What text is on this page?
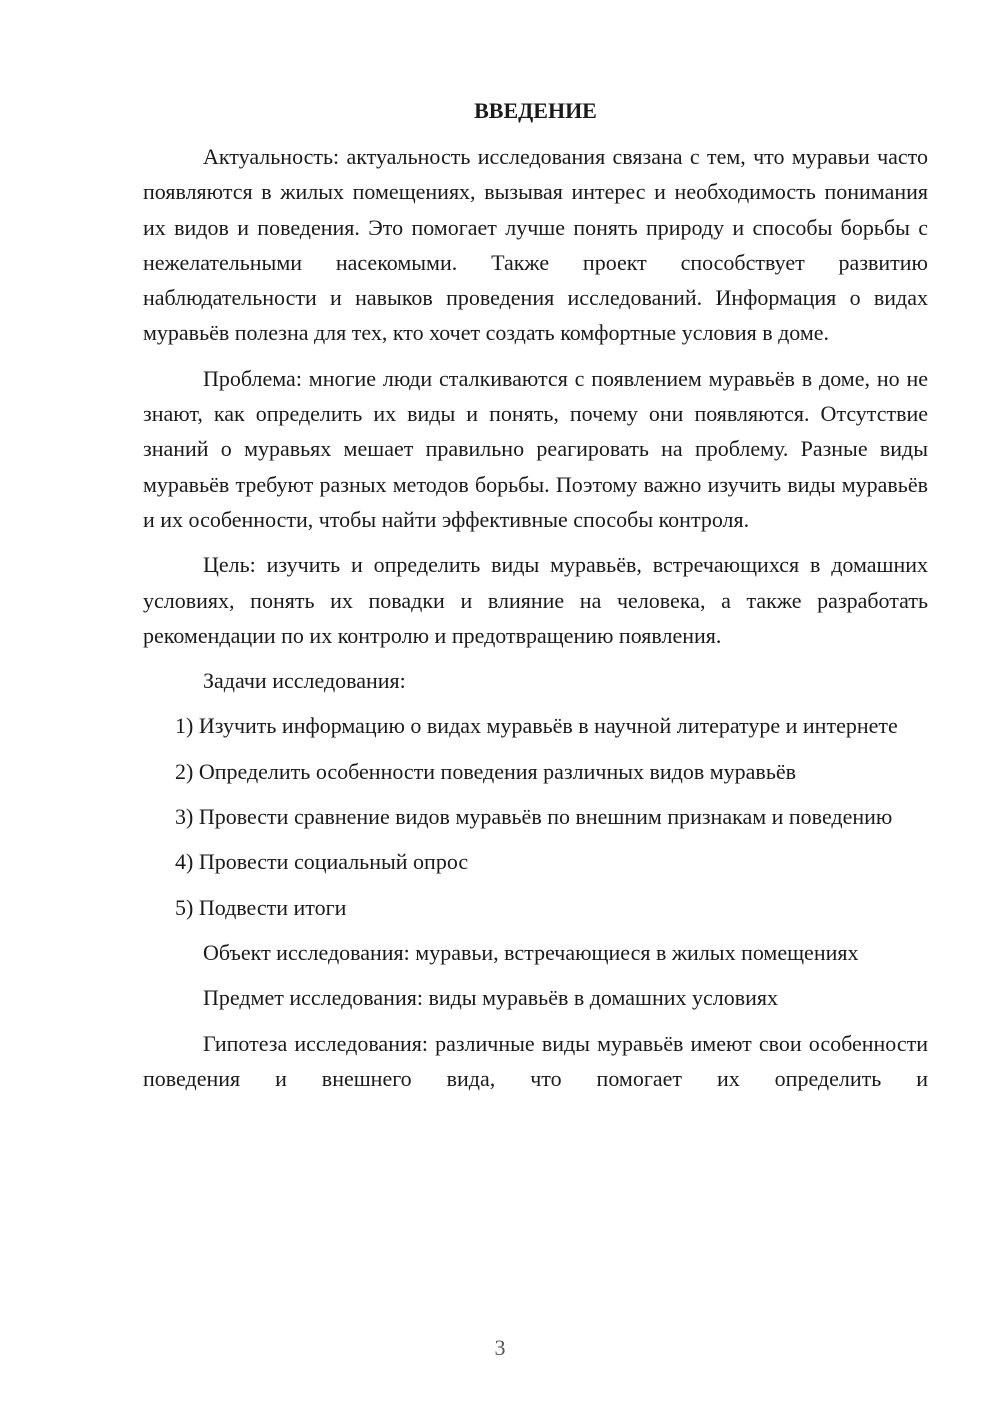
ВВЕДЕНИЕ

Актуальность: актуальность исследования связана с тем, что муравьи часто появляются в жилых помещениях, вызывая интерес и необходимость понимания их видов и поведения. Это помогает лучше понять природу и способы борьбы с нежелательными насекомыми. Также проект способствует развитию наблюдательности и навыков проведения исследований. Информация о видах муравьёв полезна для тех, кто хочет создать комфортные условия в доме.

Проблема: многие люди сталкиваются с появлением муравьёв в доме, но не знают, как определить их виды и понять, почему они появляются. Отсутствие знаний о муравьях мешает правильно реагировать на проблему. Разные виды муравьёв требуют разных методов борьбы. Поэтому важно изучить виды муравьёв и их особенности, чтобы найти эффективные способы контроля.

Цель: изучить и определить виды муравьёв, встречающихся в домашних условиях, понять их повадки и влияние на человека, а также разработать рекомендации по их контролю и предотвращению появления.

Задачи исследования:

1) Изучить информацию о видах муравьёв в научной литературе и интернете

2) Определить особенности поведения различных видов муравьёв

3) Провести сравнение видов муравьёв по внешним признакам и поведению

4) Провести социальный опрос

5) Подвести итоги

Объект исследования: муравьи, встречающиеся в жилых помещениях

Предмет исследования: виды муравьёв в домашних условиях

Гипотеза исследования: различные виды муравьёв имеют свои особенности поведения и внешнего вида, что помогает их определить и

3
